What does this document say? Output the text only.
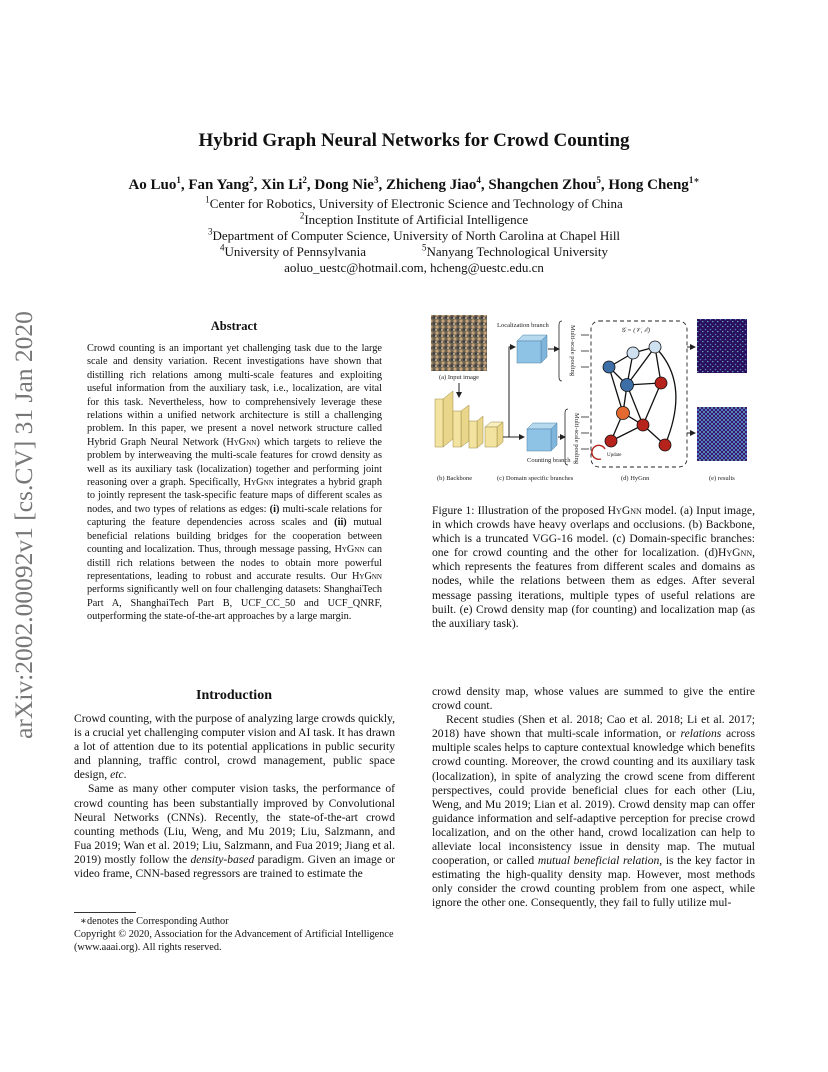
arXiv:2002.00092v1 [cs.CV] 31 Jan 2020
Hybrid Graph Neural Networks for Crowd Counting
Ao Luo$^1$, Fan Yang$^2$, Xin Li$^2$, Dong Nie$^3$, Zhicheng Jiao$^4$, Shangchen Zhou$^5$, Hong Cheng$^{1∗}$
$^1$Center for Robotics, University of Electronic Science and Technology of China
$^2$Inception Institute of Artificial Intelligence
$^3$Department of Computer Science, University of North Carolina at Chapel Hill
$^4$University of Pennsylvania	$^5$Nanyang Technological University
aoluo_uestc@hotmail.com, hcheng@uestc.edu.cn
Abstract
Crowd counting is an important yet challenging task due to the large scale and density variation. Recent investigations have shown that distilling rich relations among multi-scale features and exploiting useful information from the auxiliary task, i.e., localization, are vital for this task. Nevertheless, how to comprehensively leverage these relations within a unified network architecture is still a challenging problem. In this paper, we present a novel network structure called Hybrid Graph Neural Network (HyGnn) which targets to relieve the problem by interweaving the multi-scale features for crowd density as well as its auxiliary task (localization) together and performing joint reasoning over a graph. Specifically, HyGnn integrates a hybrid graph to jointly represent the task-specific feature maps of different scales as nodes, and two types of relations as edges: (i) multi-scale relations for capturing the feature dependencies across scales and (ii) mutual beneficial relations building bridges for the cooperation between counting and localization. Thus, through message passing, HyGnn can distill rich relations between the nodes to obtain more powerful representations, leading to robust and accurate results. Our HyGnn performs significantly well on four challenging datasets: ShanghaiTech Part A, ShanghaiTech Part B, UCF_CC_50 and UCF_QNRF, outperforming the state-of-the-art approaches by a large margin.
Introduction

Crowd counting, with the purpose of analyzing large crowds quickly, is a crucial yet challenging computer vision and AI task. It has drawn a lot of attention due to its potential applications in public security and planning, traffic control, crowd management, public space design, etc.

Same as many other computer vision tasks, the performance of crowd counting has been substantially improved by Convolutional Neural Networks (CNNs). Recently, the state-of-the-art crowd counting methods (Liu, Weng, and Mu 2019; Liu, Salzmann, and Fua 2019; Wan et al. 2019; Liu, Salzmann, and Fua 2019; Jiang et al. 2019) mostly follow the density-based paradigm. Given an image or video frame, CNN-based regressors are trained to estimate the

∗denotes the Corresponding Author
Copyright © 2020, Association for the Advancement of Artificial Intelligence (www.aaai.org). All rights reserved.
(a) Input image
(b) Backbone
Localization branch
Counting branch
Multi-scale pooling
Multi-scale pooling
𝒢 = (𝒱, ℰ)
Update
(c) Domain specific branches	(d) HyGnn	(e) results
Figure 1: Illustration of the proposed HyGnn model. (a) Input image, in which crowds have heavy overlaps and occlusions. (b) Backbone, which is a truncated VGG-16 model. (c) Domain-specific branches: one for crowd counting and the other for localization. (d)HyGnn, which represents the features from different scales and domains as nodes, while the relations between them as edges. After several message passing iterations, multiple types of useful relations are built. (e) Crowd density map (for counting) and localization map (as the auxiliary task).

crowd density map, whose values are summed to give the entire crowd count.

Recent studies (Shen et al. 2018; Cao et al. 2018; Li et al. 2017; 2018) have shown that multi-scale information, or relations across multiple scales helps to capture contextual knowledge which benefits crowd counting. Moreover, the crowd counting and its auxiliary task (localization), in spite of analyzing the crowd scene from different perspectives, could provide beneficial clues for each other (Liu, Weng, and Mu 2019; Lian et al. 2019). Crowd density map can offer guidance information and self-adaptive perception for precise crowd localization, and on the other hand, crowd localization can help to alleviate local inconsistency issue in density map. The mutual cooperation, or called mutual beneficial relation, is the key factor in estimating the high-quality density map. However, most methods only consider the crowd counting problem from one aspect, while ignore the other one. Consequently, they fail to fully utilize mul-
